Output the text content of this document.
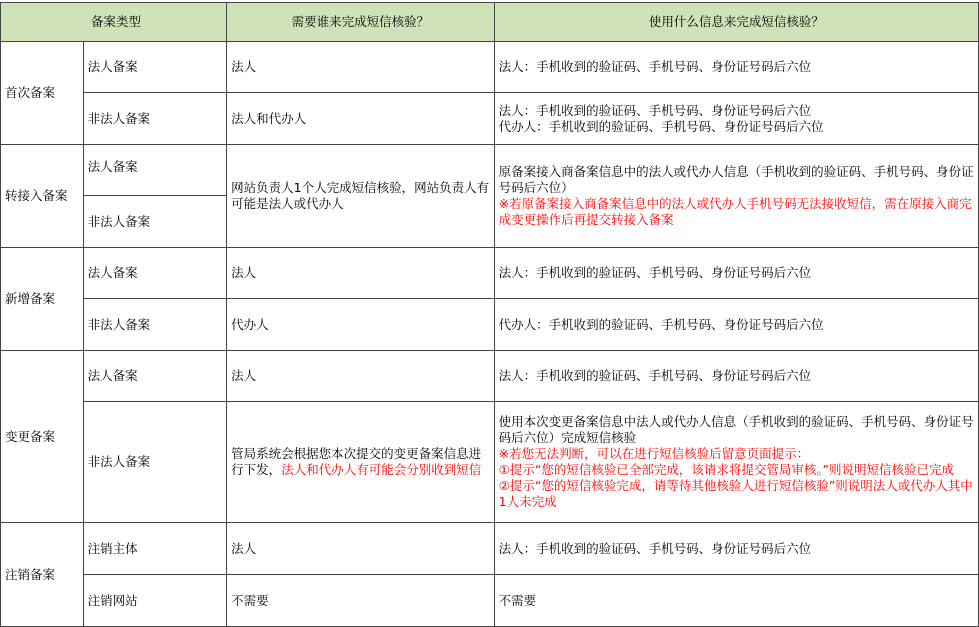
备案类型		需要谁来完成短信核验？	使用什么信息来完成短信核验？
首次备案	法人备案	法人	法人：手机收到的验证码、手机号码、身份证号码后六位
	非法人备案	法人和代办人	法人：手机收到的验证码、手机号码、身份证号码后六位
代办人：手机收到的验证码、手机号码、身份证号码后六位

转接入备案	法人备案	网站负责人1个人完成短信核验，网站负责人有可能是法人或代办人	原备案接入商备案信息中的法人或代办人信息（手机收到的验证码、手机号码、身份证号码后六位）
※若原备案接入商备案信息中的法人或代办人手机号码无法接收短信，需在原接入商完成变更操作后再提交转接入备案

	非法人备案		
新增备案	法人备案	法人	法人：手机收到的验证码、手机号码、身份证号码后六位
	非法人备案	代办人	代办人：手机收到的验证码、手机号码、身份证号码后六位
变更备案	法人备案	法人	法人：手机收到的验证码、手机号码、身份证号码后六位
	非法人备案	管局系统会根据您本次提交的变更备案信息进行下发，法人和代办人有可能会分别收到短信	使用本次变更备案信息中法人或代办人信息（手机收到的验证码、手机号码、身份证号码后六位）完成短信核验
※若您无法判断，可以在进行短信核验后留意页面提示：
①提示“您的短信核验已全部完成，该请求将提交管局审核。”则说明短信核验已完成
②提示“您的短信核验完成，请等待其他核验人进行短信核验”则说明法人或代办人其中1人未完成

注销备案	注销主体	法人	法人：手机收到的验证码、手机号码、身份证号码后六位
	注销网站	不需要	不需要
